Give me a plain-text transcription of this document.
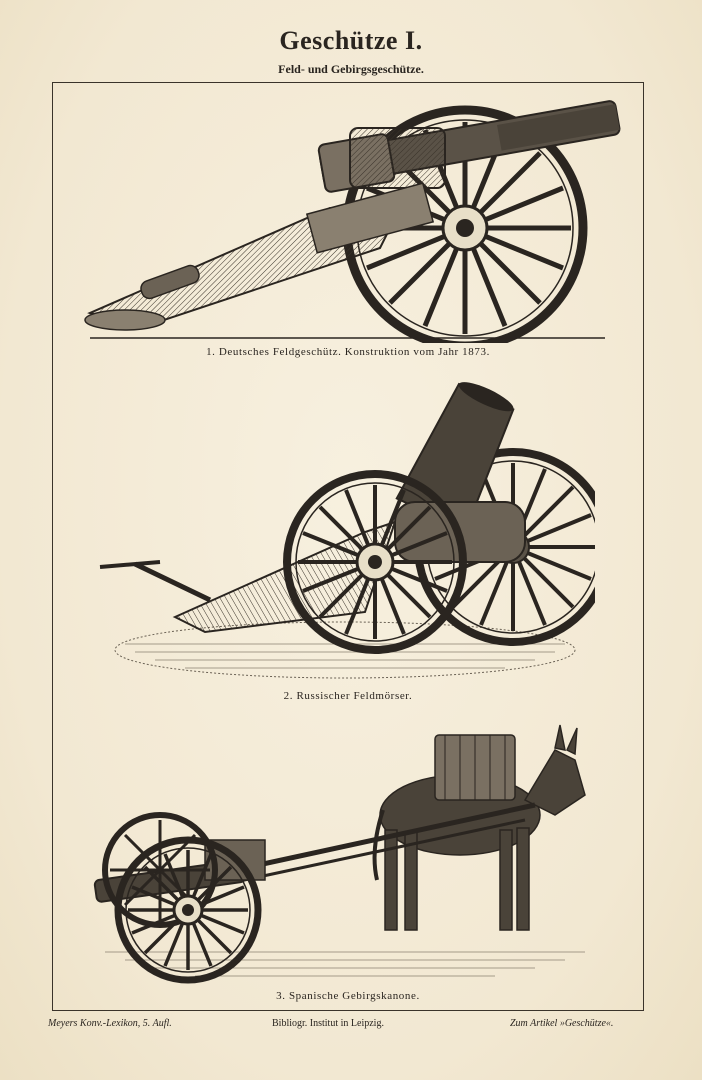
Geschütze I.
Feld- und Gebirgsgeschütze.
1. Deutsches Feldgeschütz. Konstruktion vom Jahr 1873.
2. Russischer Feldmörser.
3. Spanische Gebirgskanone.
Meyers Konv.-Lexikon, 5. Aufl.	Bibliogr. Institut in Leipzig.	Zum Artikel »Geschütze«.
